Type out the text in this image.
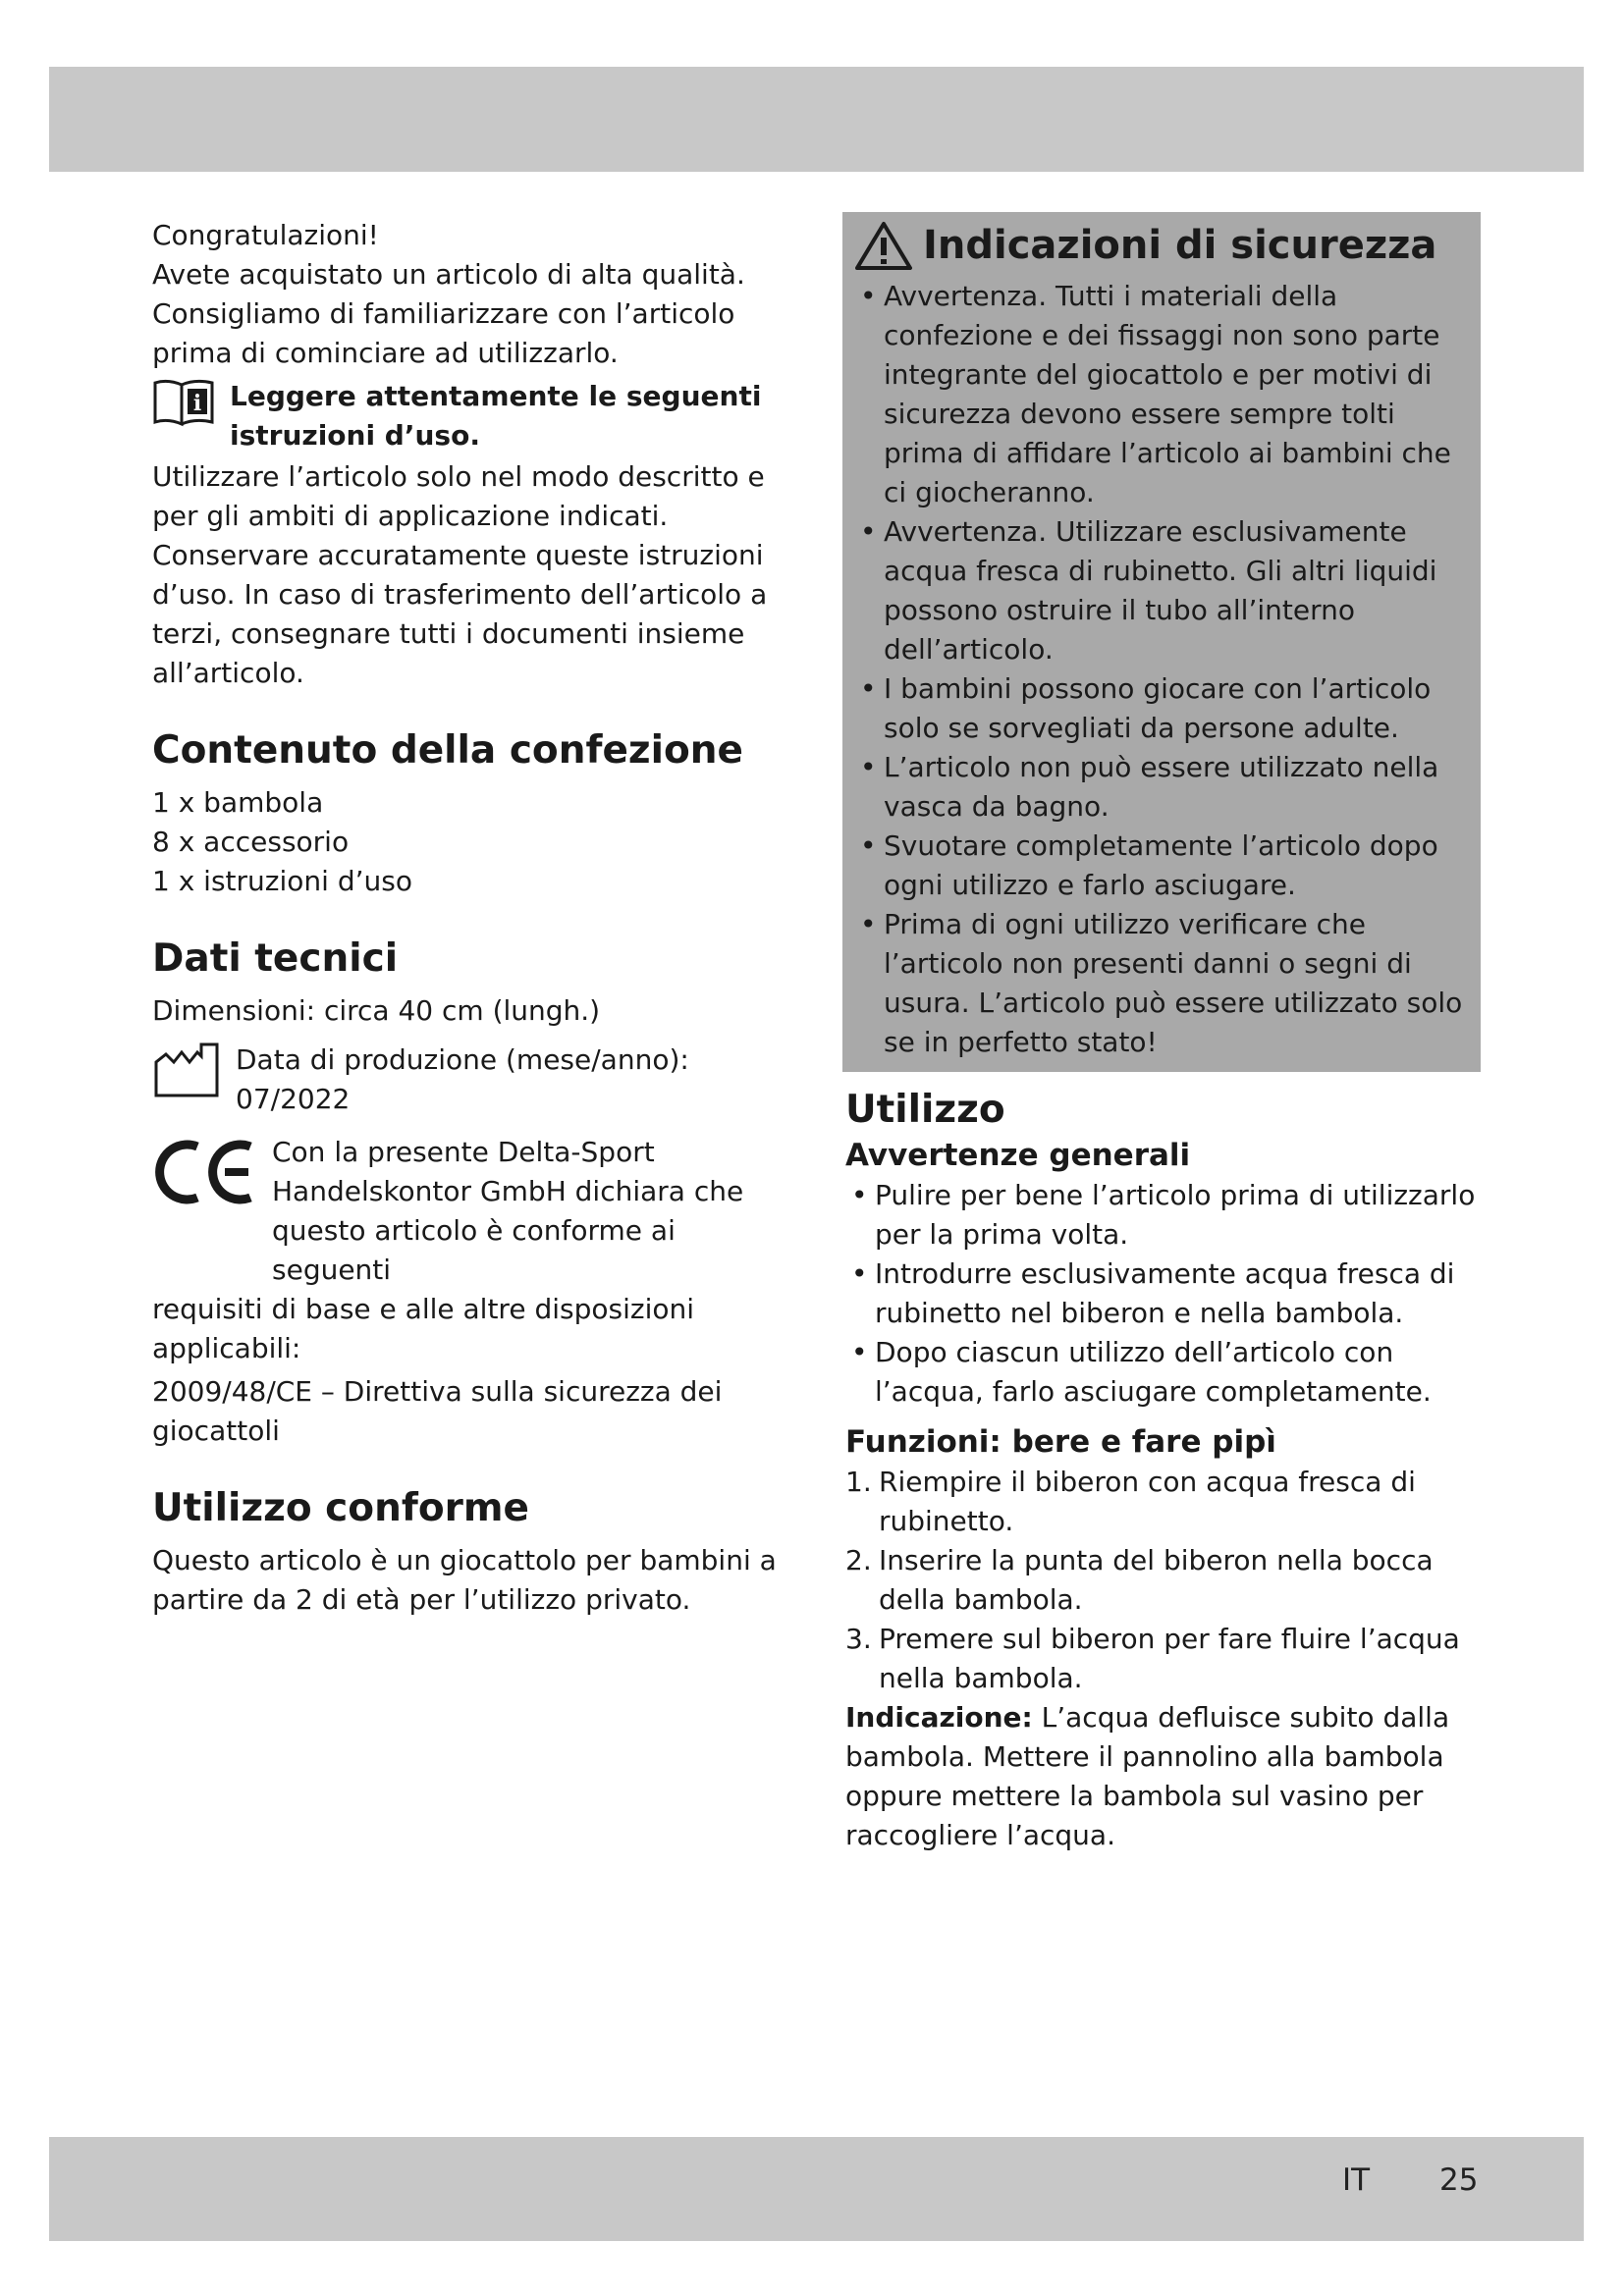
Congratulazioni!

Avete acquistato un articolo di alta qualità. Consigliamo di familiarizzare con l’articolo prima di cominciare ad utilizzarlo.

i Leggere attentamente le seguenti istruzioni d’uso.

Utilizzare l’articolo solo nel modo descritto e per gli ambiti di applicazione indicati. Conservare accuratamente queste istruzioni d’uso. In caso di trasferimento dell’articolo a terzi, consegnare tutti i documenti insieme all’articolo.

Contenuto della confezione
1 x bambola
8 x accessorio
1 x istruzioni d’uso
Dati tecnici

Dimensioni: circa 40 cm (lungh.)

Data di produzione (mese/anno):
07/2022

Con la presente Delta-Sport Handelskontor GmbH dichiara che questo articolo è conforme ai seguenti

requisiti di base e alle altre disposizioni applicabili:

2009/48/CE – Direttiva sulla sicurezza dei giocattoli

Utilizzo conforme

Questo articolo è un giocattolo per bambini a partire da 2 di età per l’utilizzo privato.

Indicazioni di sicurezza
• Avvertenza. Tutti i materiali della confezione e dei fissaggi non sono parte integrante del giocattolo e per motivi di sicurezza devono essere sempre tolti prima di affidare l’articolo ai bambini che ci giocheranno.
• Avvertenza. Utilizzare esclusivamente acqua fresca di rubinetto. Gli altri liquidi possono ostruire il tubo all’interno dell’articolo.
• I bambini possono giocare con l’articolo solo se sorvegliati da persone adulte.
• L’articolo non può essere utilizzato nella vasca da bagno.
• Svuotare completamente l’articolo dopo ogni utilizzo e farlo asciugare.
• Prima di ogni utilizzo verificare che l’articolo non presenti danni o segni di usura. L’articolo può essere utilizzato solo se in perfetto stato!
Utilizzo
Avvertenze generali
• Pulire per bene l’articolo prima di utilizzarlo per la prima volta.
• Introdurre esclusivamente acqua fresca di rubinetto nel biberon e nella bambola.
• Dopo ciascun utilizzo dell’articolo con l’acqua, farlo asciugare completamente.
Funzioni: bere e fare pipì
1. Riempire il biberon con acqua fresca di rubinetto.
2. Inserire la punta del biberon nella bocca della bambola.
3. Premere sul biberon per fare fluire l’acqua nella bambola.

Indicazione: L’acqua defluisce subito dalla bambola. Mettere il pannolino alla bambola oppure mettere la bambola sul vasino per raccogliere l’acqua.

IT 25
